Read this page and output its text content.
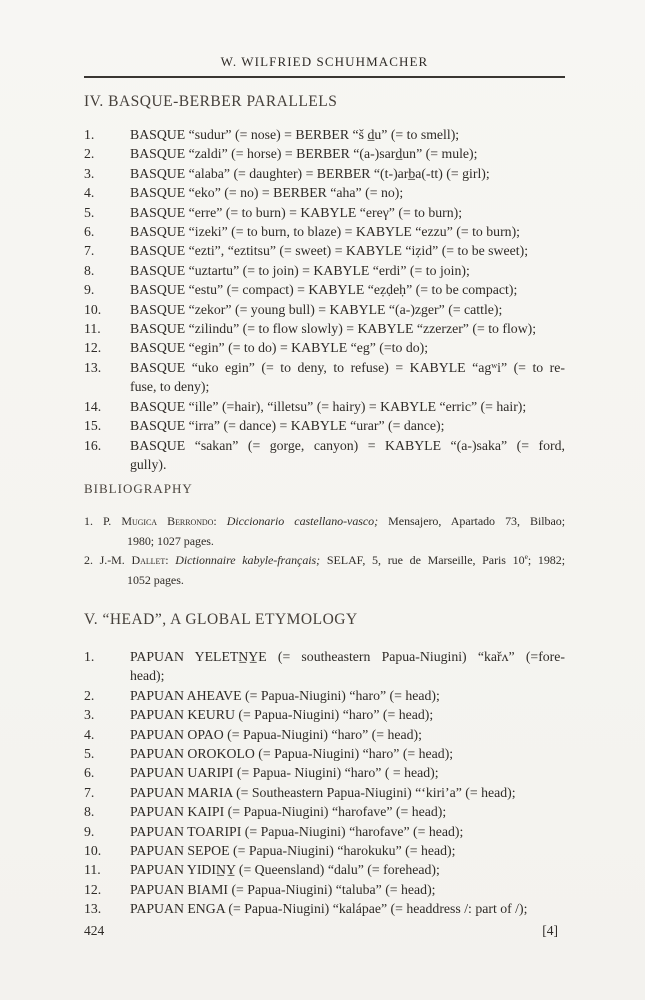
W. WILFRIED SCHUHMACHER
IV. BASQUE-BERBER PARALLELS
1.	BASQUE “sudur” (= nose) = BERBER “š d̲u” (= to smell);
2.	BASQUE “zaldi” (= horse) = BERBER “(a-)sard̲un” (= mule);
3.	BASQUE “alaba” (= daughter) = BERBER “(t-)arb̲a(-tt) (= girl);
4.	BASQUE “eko” (= no) = BERBER “aha” (= no);
5.	BASQUE “erre” (= to burn) = KABYLE “ereγ” (= to burn);
6.	BASQUE “izeki” (= to burn, to blaze) = KABYLE “ezzu” (= to burn);
7.	BASQUE “ezti”, “eztitsu” (= sweet) = KABYLE “iẓid” (= to be sweet);
8.	BASQUE “uztartu” (= to join) = KABYLE “erdi” (= to join);
9.	BASQUE “estu” (= compact) = KABYLE “eẓḍeḥ” (= to be compact);
10.	BASQUE “zekor” (= young bull) = KABYLE “(a-)zger” (= cattle);
11.	BASQUE “zilindu” (= to flow slowly) = KABYLE “zzerzer” (= to flow);
12.	BASQUE “egin” (= to do) = KABYLE “eg” (=to do);
13.	BASQUE “uko egin” (= to deny, to refuse) = KABYLE “agʷi” (= to re-
fuse, to deny);
14.	BASQUE “ille” (=hair), “illetsu” (= hairy) = KABYLE “erric” (= hair);
15.	BASQUE “irra” (= dance) = KABYLE “urar” (= dance);
16.	BASQUE “sakan” (= gorge, canyon) = KABYLE “(a-)saka” (= ford,
gully).
BIBLIOGRAPHY
1. P. Mugica Berrondo: Diccionario castellano-vasco; Mensajero, Apartado 73, Bilbao;
1980; 1027 pages.
2. J.-M. Dallet: Dictionnaire kabyle-français; SELAF, 5, rue de Marseille, Paris 10e; 1982;
1052 pages.
V. “HEAD”, A GLOBAL ETYMOLOGY
1.	PAPUAN YELETN̲Y̲E (= southeastern Papua-Niugini) “kařʌ” (=fore-
head);
2.	PAPUAN AHEAVE (= Papua-Niugini) “haro” (= head);
3.	PAPUAN KEURU (= Papua-Niugini) “haro” (= head);
4.	PAPUAN OPAO (= Papua-Niugini) “haro” (= head);
5.	PAPUAN OROKOLO (= Papua-Niugini) “haro” (= head);
6.	PAPUAN UARIPI (= Papua- Niugini) “haro” ( = head);
7.	PAPUAN MARIA (= Southeastern Papua-Niugini) “‘kiri’a” (= head);
8.	PAPUAN KAIPI (= Papua-Niugini) “harofave” (= head);
9.	PAPUAN TOARIPI (= Papua-Niugini) “harofave” (= head);
10.	PAPUAN SEPOE (= Papua-Niugini) “harokuku” (= head);
11.	PAPUAN YIDIN̲Y̲ (= Queensland) “dalu” (= forehead);
12.	PAPUAN BIAMI (= Papua-Niugini) “taluba” (= head);
13.	PAPUAN ENGA (= Papua-Niugini) “kalápae” (= headdress /: part of /);
424	[4]
